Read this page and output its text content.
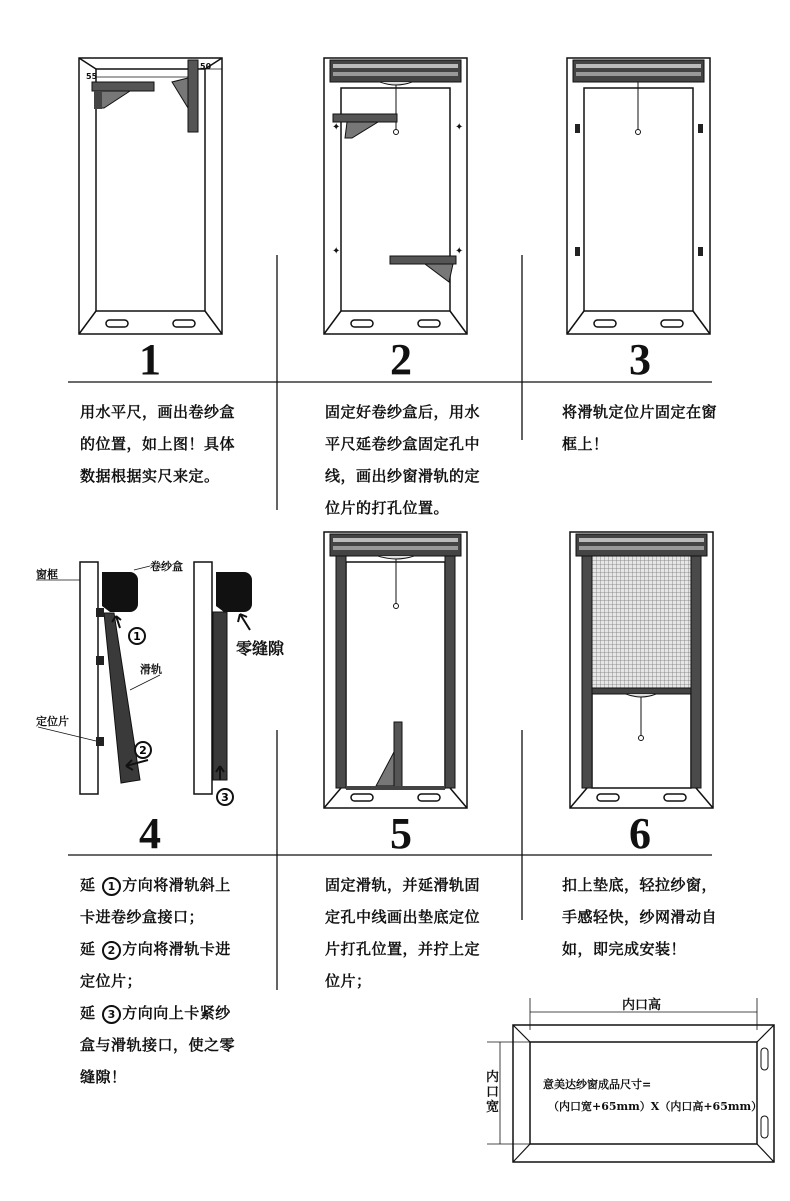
✦	✦
✦	✦
1
2
3
55
50
1	2	3
4	5	6
用水平尺，画出卷纱盒
的位置，如上图！具体
数据根据实尺来定。
固定好卷纱盒后，用水
平尺延卷纱盒固定孔中
线，画出纱窗滑轨的定
位片的打孔位置。
将滑轨定位片固定在窗
框上！
延 1 方向将滑轨斜上
卡进卷纱盒接口；
延 2 方向将滑轨卡进
定位片；
延 3 方向向上卡紧纱
盒与滑轨接口，使之零
缝隙！
固定滑轨，并延滑轨固
定孔中线画出垫底定位
片打孔位置，并拧上定
位片；
扣上垫底，轻拉纱窗，
手感轻快，纱网滑动自
如，即完成安装！
窗框
卷纱盒
滑轨
定位片
零缝隙
内口高
内口宽
意美达纱窗成品尺寸=
（内口宽+65mm）X（内口高+65mm）
